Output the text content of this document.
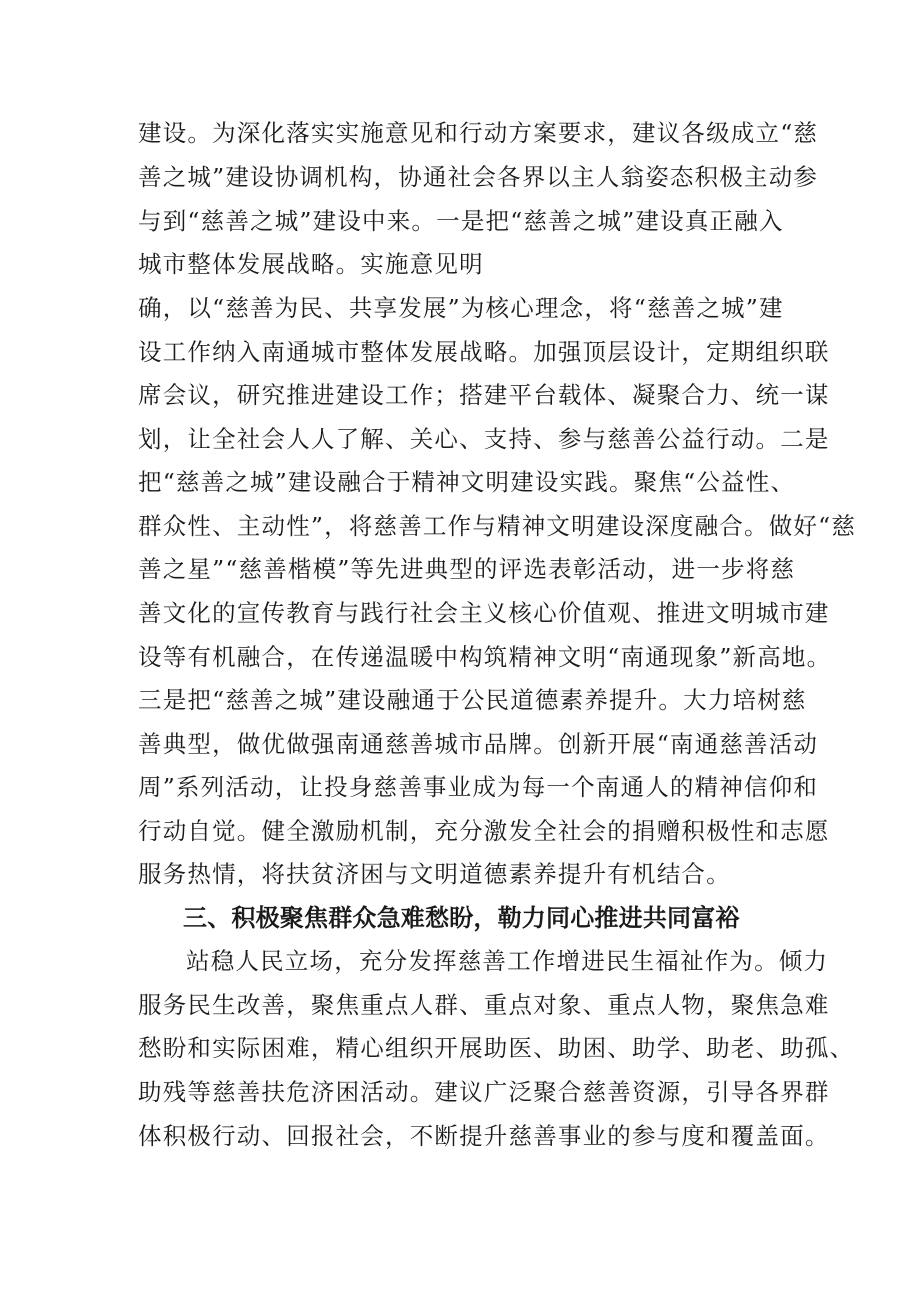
建设。为深化落实实施意见和行动方案要求，建议各级成立“慈
善之城”建设协调机构，协通社会各界以主人翁姿态积极主动参
与到“慈善之城”建设中来。一是把“慈善之城”建设真正融入
城市整体发展战略。实施意见明
确，以“慈善为民、共享发展”为核心理念，将“慈善之城”建
设工作纳入南通城市整体发展战略。加强顶层设计，定期组织联
席会议，研究推进建设工作；搭建平台载体、凝聚合力、统一谋
划，让全社会人人了解、关心、支持、参与慈善公益行动。二是
把“慈善之城”建设融合于精神文明建设实践。聚焦“公益性、
群众性、主动性”，将慈善工作与精神文明建设深度融合。做好“慈
善之星”“慈善楷模”等先进典型的评选表彰活动，进一步将慈
善文化的宣传教育与践行社会主义核心价值观、推进文明城市建
设等有机融合，在传递温暖中构筑精神文明“南通现象”新高地。
三是把“慈善之城”建设融通于公民道德素养提升。大力培树慈
善典型，做优做强南通慈善城市品牌。创新开展“南通慈善活动
周”系列活动，让投身慈善事业成为每一个南通人的精神信仰和
行动自觉。健全激励机制，充分激发全社会的捐赠积极性和志愿
服务热情，将扶贫济困与文明道德素养提升有机结合。
三、积极聚焦群众急难愁盼，勒力同心推进共同富裕
站稳人民立场，充分发挥慈善工作增进民生福祉作为。倾力
服务民生改善，聚焦重点人群、重点对象、重点人物，聚焦急难
愁盼和实际困难，精心组织开展助医、助困、助学、助老、助孤、
助残等慈善扶危济困活动。建议广泛聚合慈善资源，引导各界群
体积极行动、回报社会，不断提升慈善事业的参与度和覆盖面。
